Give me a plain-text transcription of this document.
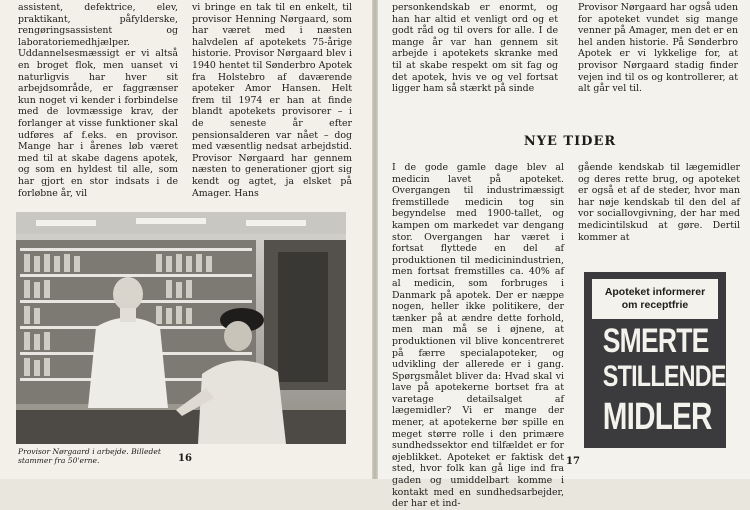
assistent, defektrice, elev, praktikant, påfylderske, rengøringsassistent og laboratoriemedhjælper. Uddannelsesmæssigt er vi altså en broget flok, men uanset vi naturligvis har hver sit arbejdsområde, er faggrænser kun noget vi kender i forbindelse med de lovmæssige krav, der forlanger at visse funktioner skal udføres af f.eks. en provisor. Mange har i årenes løb været med til at skabe dagens apotek, og som en hyldest til alle, som har gjort en stor indsats i de forløbne år, vil

vi bringe en tak til en enkelt, til provisor Henning Nørgaard, som har været med i næsten halvdelen af apotekets 75-årige historie. Provisor Nørgaard blev i 1940 hentet til Sønderbro Apotek fra Holstebro af daværende apoteker Amor Hansen. Helt frem til 1974 er han at finde blandt apotekets provisorer – i de seneste år efter pensionsalderen var nået – dog med væsentlig nedsat arbejdstid. Provisor Nørgaard har gennem næsten to generationer gjort sig kendt og agtet, ja elsket på Amager. Hans

Provisor Nørgaard i arbejde. Billedet stammer fra 50'erne.	16

personkendskab er enormt, og han har altid et venligt ord og et godt råd og til overs for alle. I de mange år var han gennem sit arbejde i apotekets skranke med til at skabe respekt om sit fag og det apotek, hvis ve og vel fortsat ligger ham så stærkt på sinde

Provisor Nørgaard har også uden for apoteket vundet sig mange venner på Amager, men det er en hel anden historie. På Sønderbro Apotek er vi lykkelige for, at provisor Nørgaard stadig finder vejen ind til os og kontrollerer, at alt går vel til.

NYE TIDER

I de gode gamle dage blev al medicin lavet på apoteket. Overgangen til industrimæssigt fremstillede medicin tog sin begyndelse med 1900-tallet, og kampen om markedet var dengang stor. Overgangen har været i fortsat flyttede en del af produktionen til medicinindustrien, men fortsat fremstilles ca. 40% af al medicin, som forbruges i Danmark på apotek. Der er næppe nogen, heller ikke politikere, der tænker på at ændre dette forhold, men man må se i øjnene, at produktionen vil blive koncentreret på færre specialapoteker, og udvikling der allerede er i gang. Spørgsmålet bliver da: Hvad skal vi lave på apotekerne bortset fra at varetage detailsalget af lægemidler? Vi er mange der mener, at apotekerne bør spille en meget større rolle i den primære sundhedssektor end tilfældet er for øjeblikket. Apoteket er faktisk det sted, hvor folk kan gå lige ind fra gaden og umiddelbart komme i kontakt med en sundhedsarbejder, der har et ind-

gående kendskab til lægemidler og deres rette brug, og apoteket er også et af de steder, hvor man har nøje kendskab til den del af vor sociallovgivning, der har med medicintilskud at gøre. Dertil kommer at

Apoteket informerer
om receptfrie
SMERTE
STILLENDE
MIDLER
17
